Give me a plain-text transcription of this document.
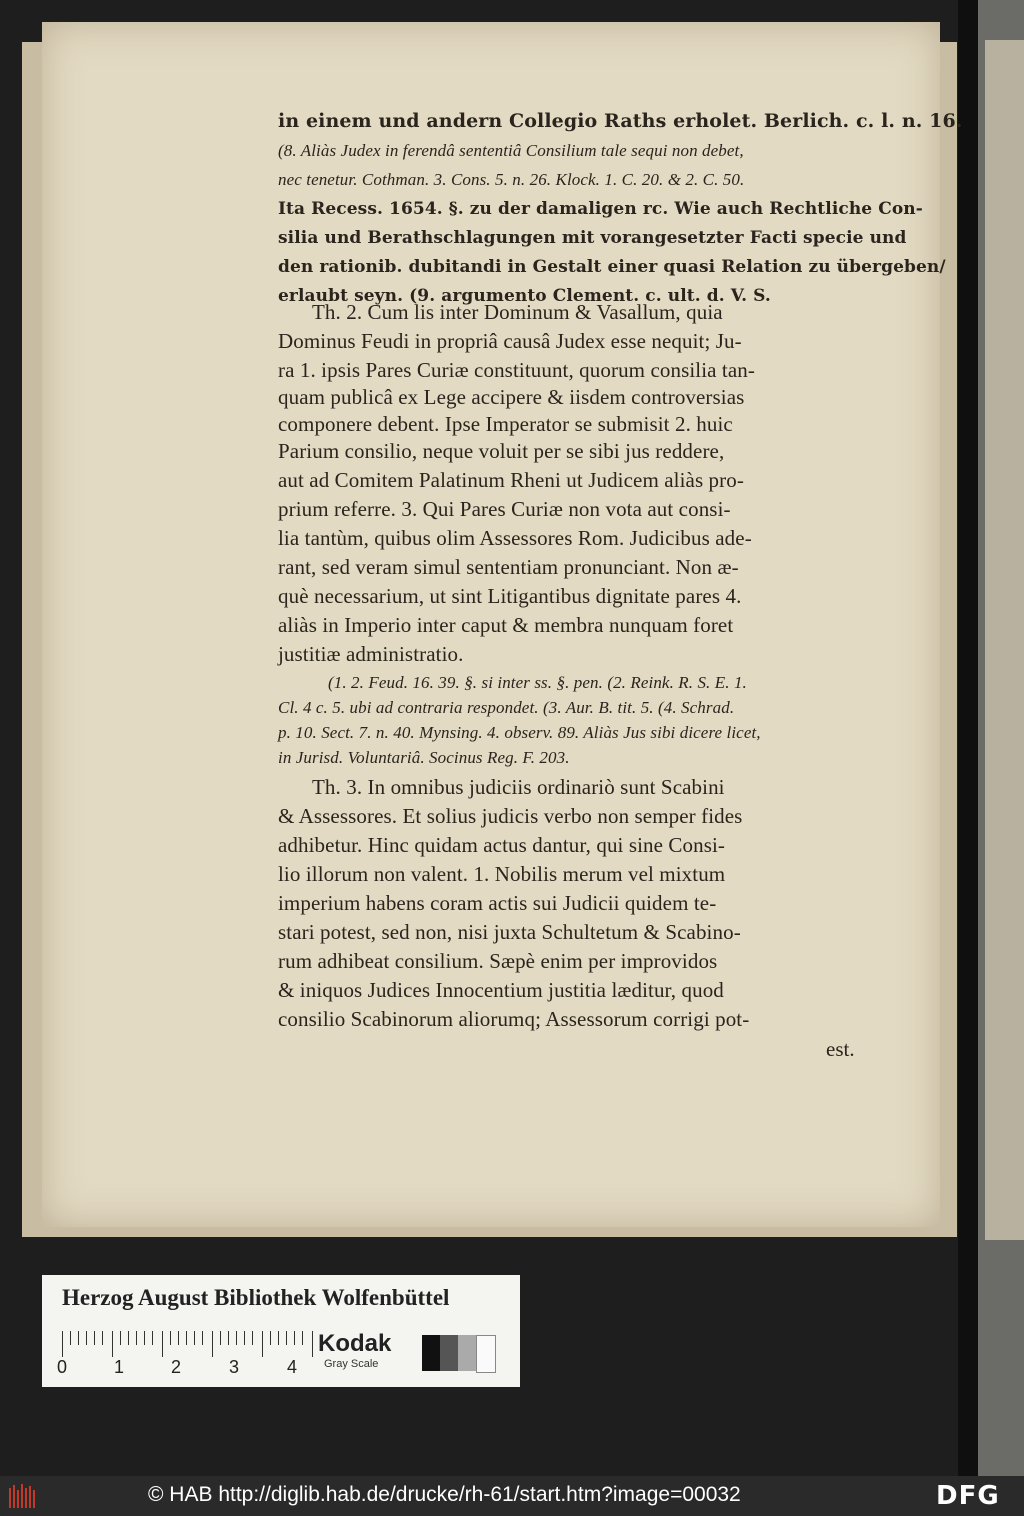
in einem und andern Collegio Raths erholet. Berlich. c. l. n. 16.
(8. Aliàs Judex in ferendâ sententiâ Consilium tale sequi non debet,
nec tenetur. Cothman. 3. Cons. 5. n. 26. Klock. 1. C. 20. & 2. C. 50.
Ita Recess. 1654. §. zu der damaligen rc. Wie auch Rechtliche Con-
silia und Berathschlagungen mit vorangesetzter Facti specie und
den rationib. dubitandi in Gestalt einer quasi Relation zu übergeben/
erlaubt seyn. (9. argumento Clement. c. ult. d. V. S.
Th. 2. Cum lis inter Dominum & Vasallum, quia
Dominus Feudi in propriâ causâ Judex esse nequit; Ju-
ra 1. ipsis Pares Curiæ constituunt, quorum consilia tan-
quam publicâ ex Lege accipere & iisdem controversias
componere debent. Ipse Imperator se submisit 2. huic
Parium consilio, neque voluit per se sibi jus reddere,
aut ad Comitem Palatinum Rheni ut Judicem aliàs pro-
prium referre. 3. Qui Pares Curiæ non vota aut consi-
lia tantùm, quibus olim Assessores Rom. Judicibus ade-
rant, sed veram simul sententiam pronunciant. Non æ-
què necessarium, ut sint Litigantibus dignitate pares 4.
aliàs in Imperio inter caput & membra nunquam foret
justitiæ administratio.
(1. 2. Feud. 16. 39. §. si inter ss. §. pen. (2. Reink. R. S. E. 1.
Cl. 4 c. 5. ubi ad contraria respondet. (3. Aur. B. tit. 5. (4. Schrad.
p. 10. Sect. 7. n. 40. Mynsing. 4. observ. 89. Aliàs Jus sibi dicere licet,
in Jurisd. Voluntariâ. Socinus Reg. F. 203.
Th. 3. In omnibus judiciis ordinariò sunt Scabini
& Assessores. Et solius judicis verbo non semper fides
adhibetur. Hinc quidam actus dantur, qui sine Consi-
lio illorum non valent. 1. Nobilis merum vel mixtum
imperium habens coram actis sui Judicii quidem te-
stari potest, sed non, nisi juxta Schultetum & Scabino-
rum adhibeat consilium. Sæpè enim per improvidos
& iniquos Judices Innocentium justitia læditur, quod
consilio Scabinorum aliorumq; Assessorum corrigi pot-
est.
Herzog August Bibliothek Wolfenbüttel
0	1	2	3	4
Kodak
Gray Scale
© HAB http://diglib.hab.de/drucke/rh-61/start.htm?image=00032	DFG
